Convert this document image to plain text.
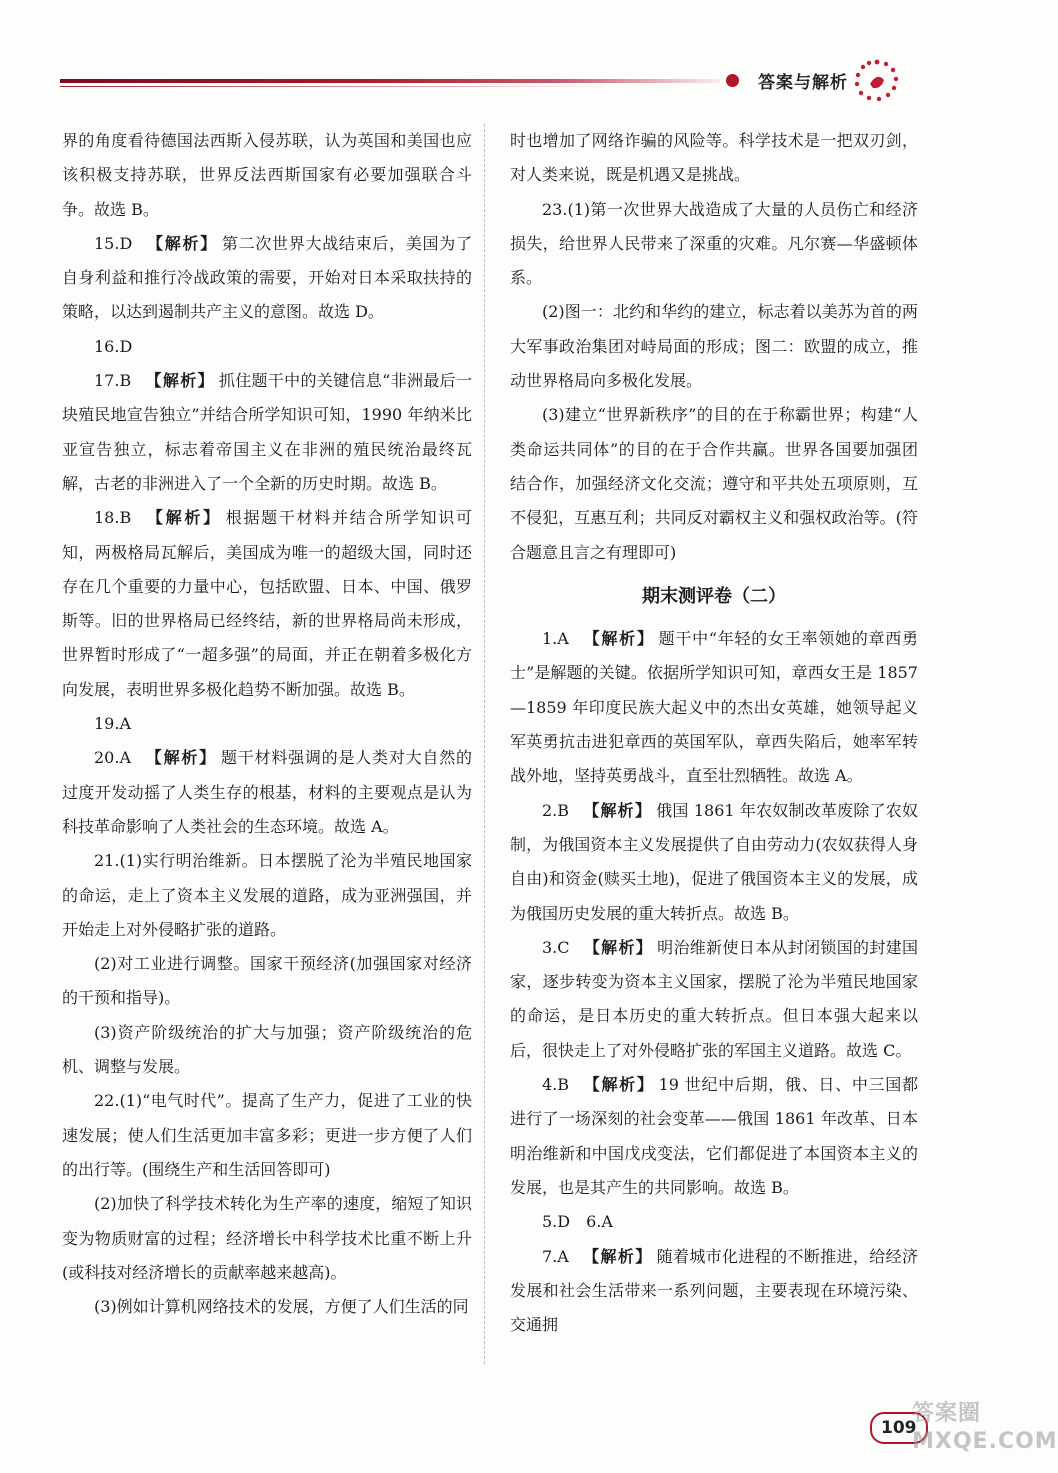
答案与解析

界的角度看待德国法西斯入侵苏联，认为英国和美国也应该积极支持苏联，世界反法西斯国家有必要加强联合斗争。故选 B。

15.D 【解析】 第二次世界大战结束后，美国为了自身利益和推行冷战政策的需要，开始对日本采取扶持的策略，以达到遏制共产主义的意图。故选 D。

16.D

17.B 【解析】 抓住题干中的关键信息“非洲最后一块殖民地宣告独立”并结合所学知识可知，1990 年纳米比亚宣告独立，标志着帝国主义在非洲的殖民统治最终瓦解，古老的非洲进入了一个全新的历史时期。故选 B。

18.B 【解析】 根据题干材料并结合所学知识可知，两极格局瓦解后，美国成为唯一的超级大国，同时还存在几个重要的力量中心，包括欧盟、日本、中国、俄罗斯等。旧的世界格局已经终结，新的世界格局尚未形成，世界暂时形成了“一超多强”的局面，并正在朝着多极化方向发展，表明世界多极化趋势不断加强。故选 B。

19.A

20.A 【解析】 题干材料强调的是人类对大自然的过度开发动摇了人类生存的根基，材料的主要观点是认为科技革命影响了人类社会的生态环境。故选 A。

21.(1)实行明治维新。日本摆脱了沦为半殖民地国家的命运，走上了资本主义发展的道路，成为亚洲强国，并开始走上对外侵略扩张的道路。

(2)对工业进行调整。国家干预经济(加强国家对经济的干预和指导)。

(3)资产阶级统治的扩大与加强；资产阶级统治的危机、调整与发展。

22.(1)“电气时代”。提高了生产力，促进了工业的快速发展；使人们生活更加丰富多彩；更进一步方便了人们的出行等。(围绕生产和生活回答即可)

(2)加快了科学技术转化为生产率的速度，缩短了知识变为物质财富的过程；经济增长中科学技术比重不断上升(或科技对经济增长的贡献率越来越高)。

(3)例如计算机网络技术的发展，方便了人们生活的同

时也增加了网络诈骗的风险等。科学技术是一把双刃剑，对人类来说，既是机遇又是挑战。

23.(1)第一次世界大战造成了大量的人员伤亡和经济损失，给世界人民带来了深重的灾难。凡尔赛—华盛顿体系。

(2)图一：北约和华约的建立，标志着以美苏为首的两大军事政治集团对峙局面的形成；图二：欧盟的成立，推动世界格局向多极化发展。

(3)建立“世界新秩序”的目的在于称霸世界；构建“人类命运共同体”的目的在于合作共赢。世界各国要加强团结合作，加强经济文化交流；遵守和平共处五项原则，互不侵犯，互惠互利；共同反对霸权主义和强权政治等。(符合题意且言之有理即可)

期末测评卷（二）

1.A 【解析】 题干中“年轻的女王率领她的章西勇士”是解题的关键。依据所学知识可知，章西女王是 1857—1859 年印度民族大起义中的杰出女英雄，她领导起义军英勇抗击进犯章西的英国军队，章西失陷后，她率军转战外地，坚持英勇战斗，直至壮烈牺牲。故选 A。

2.B 【解析】 俄国 1861 年农奴制改革废除了农奴制，为俄国资本主义发展提供了自由劳动力(农奴获得人身自由)和资金(赎买土地)，促进了俄国资本主义的发展，成为俄国历史发展的重大转折点。故选 B。

3.C 【解析】 明治维新使日本从封闭锁国的封建国家，逐步转变为资本主义国家，摆脱了沦为半殖民地国家的命运，是日本历史的重大转折点。但日本强大起来以后，很快走上了对外侵略扩张的军国主义道路。故选 C。

4.B 【解析】 19 世纪中后期，俄、日、中三国都进行了一场深刻的社会变革——俄国 1861 年改革、日本明治维新和中国戊戌变法，它们都促进了本国资本主义的发展，也是其产生的共同影响。故选 B。

5.D　6.A

7.A 【解析】 随着城市化进程的不断推进，给经济发展和社会生活带来一系列问题，主要表现在环境污染、交通拥

109
答案圈
MXQE.COM
